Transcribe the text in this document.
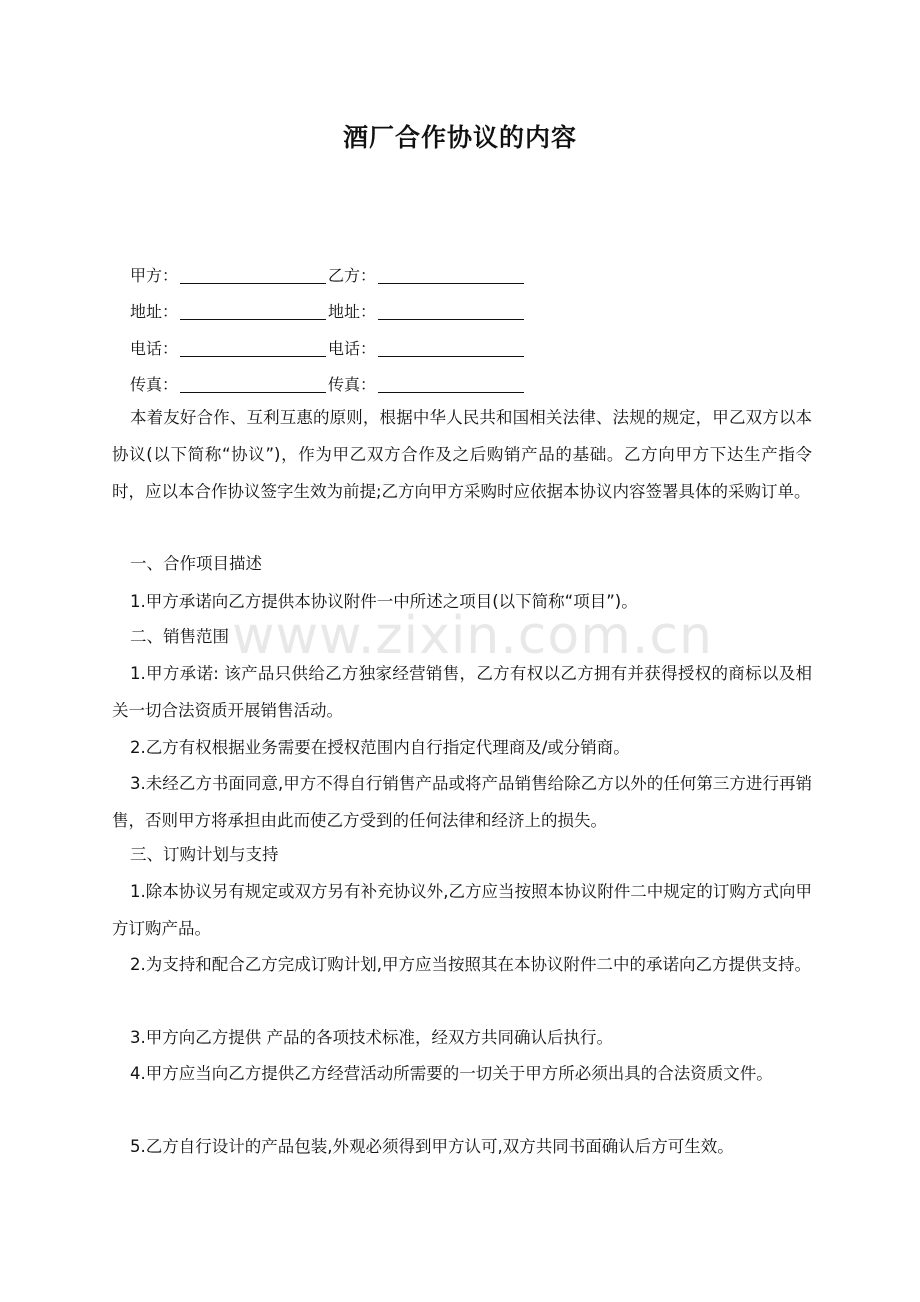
酒厂合作协议的内容
甲方：	乙方：
地址：	地址：
电话：	电话：
传真：	传真：
本着友好合作、互利互惠的原则，根据中华人民共和国相关法律、法规的规定，甲乙双方以本协议(以下简称“协议”)，作为甲乙双方合作及之后购销产品的基础。乙方向甲方下达生产指令时，应以本合作协议签字生效为前提;乙方向甲方采购时应依据本协议内容签署具体的采购订单。
一、合作项目描述
1.甲方承诺向乙方提供本协议附件一中所述之项目(以下简称“项目”)。
二、销售范围
1.甲方承诺: 该产品只供给乙方独家经营销售，乙方有权以乙方拥有并获得授权的商标以及相关一切合法资质开展销售活动。
2.乙方有权根据业务需要在授权范围内自行指定代理商及/或分销商。
3.未经乙方书面同意,甲方不得自行销售产品或将产品销售给除乙方以外的任何第三方进行再销售，否则甲方将承担由此而使乙方受到的任何法律和经济上的损失。
三、订购计划与支持
1.除本协议另有规定或双方另有补充协议外,乙方应当按照本协议附件二中规定的订购方式向甲方订购产品。
2.为支持和配合乙方完成订购计划,甲方应当按照其在本协议附件二中的承诺向乙方提供支持。
3.甲方向乙方提供 产品的各项技术标准，经双方共同确认后执行。
4.甲方应当向乙方提供乙方经营活动所需要的一切关于甲方所必须出具的合法资质文件。
5.乙方自行设计的产品包装,外观必须得到甲方认可,双方共同书面确认后方可生效。
www.zixin.com.cn
